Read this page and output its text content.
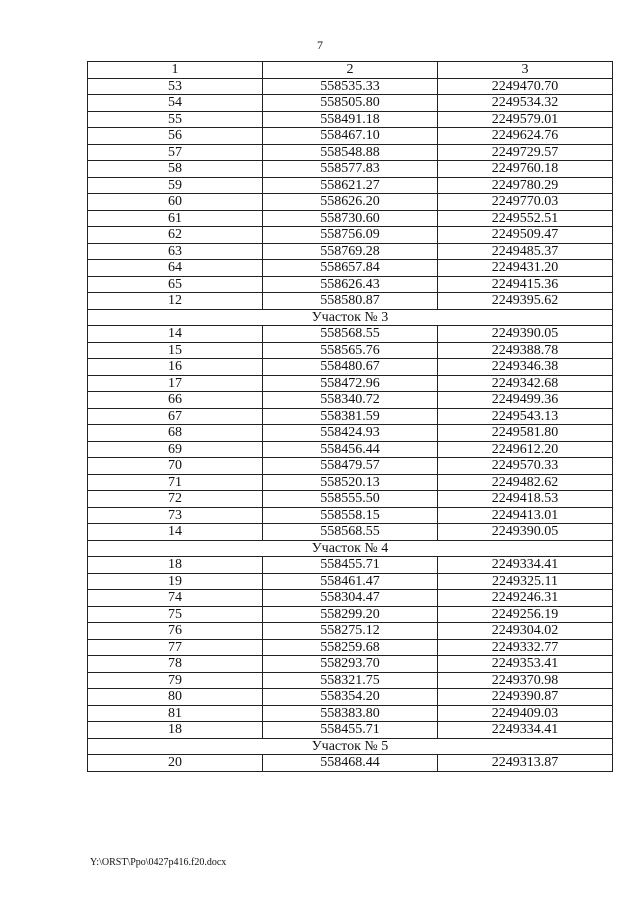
7
1	2	3
53	558535.33	2249470.70
54	558505.80	2249534.32
55	558491.18	2249579.01
56	558467.10	2249624.76
57	558548.88	2249729.57
58	558577.83	2249760.18
59	558621.27	2249780.29
60	558626.20	2249770.03
61	558730.60	2249552.51
62	558756.09	2249509.47
63	558769.28	2249485.37
64	558657.84	2249431.20
65	558626.43	2249415.36
12	558580.87	2249395.62
Участок № 3		
14	558568.55	2249390.05
15	558565.76	2249388.78
16	558480.67	2249346.38
17	558472.96	2249342.68
66	558340.72	2249499.36
67	558381.59	2249543.13
68	558424.93	2249581.80
69	558456.44	2249612.20
70	558479.57	2249570.33
71	558520.13	2249482.62
72	558555.50	2249418.53
73	558558.15	2249413.01
14	558568.55	2249390.05
Участок № 4		
18	558455.71	2249334.41
19	558461.47	2249325.11
74	558304.47	2249246.31
75	558299.20	2249256.19
76	558275.12	2249304.02
77	558259.68	2249332.77
78	558293.70	2249353.41
79	558321.75	2249370.98
80	558354.20	2249390.87
81	558383.80	2249409.03
18	558455.71	2249334.41
Участок № 5		
20	558468.44	2249313.87
Y:\ORST\Ppo\0427p416.f20.docx
